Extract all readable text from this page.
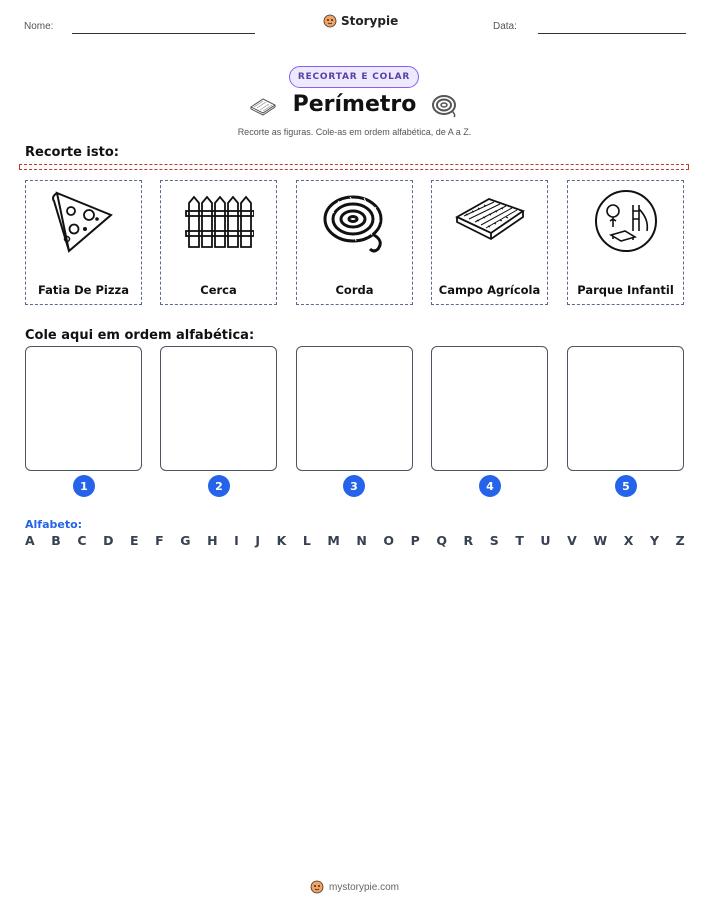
Nome:	Storypie	Data:
RECORTAR E COLAR
Perímetro
Recorte as figuras. Cole-as em ordem alfabética, de A a Z.
Recorte isto:
Fatia De Pizza	Cerca	Corda	Campo Agrícola	Parque Infantil
Cole aqui em ordem alfabética:
1	2	3	4	5
Alfabeto:
A B C D E F G H I J K L M N O P Q R S T U V W X Y Z
mystorypie.com
